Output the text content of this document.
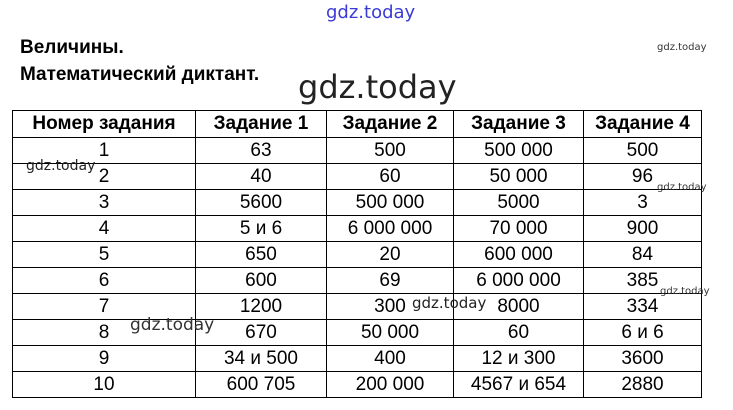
Величины.
Математический диктант.
Номер задания	Задание 1	Задание 2	Задание 3	Задание 4
1	63	500	500 000	500
2	40	60	50 000	96
3	5600	500 000	5000	3
4	5 и 6	6 000 000	70 000	900
5	650	20	600 000	84
6	600	69	6 000 000	385
7	1200	300	8000	334
8	670	50 000	60	6 и 6
9	34 и 500	400	12 и 300	3600
10	600 705	200 000	4567 и 654	2880
gdz.today
gdz.today
gdz.today
gdz.today
gdz.today
gdz.today
gdz.today
gdz.today
